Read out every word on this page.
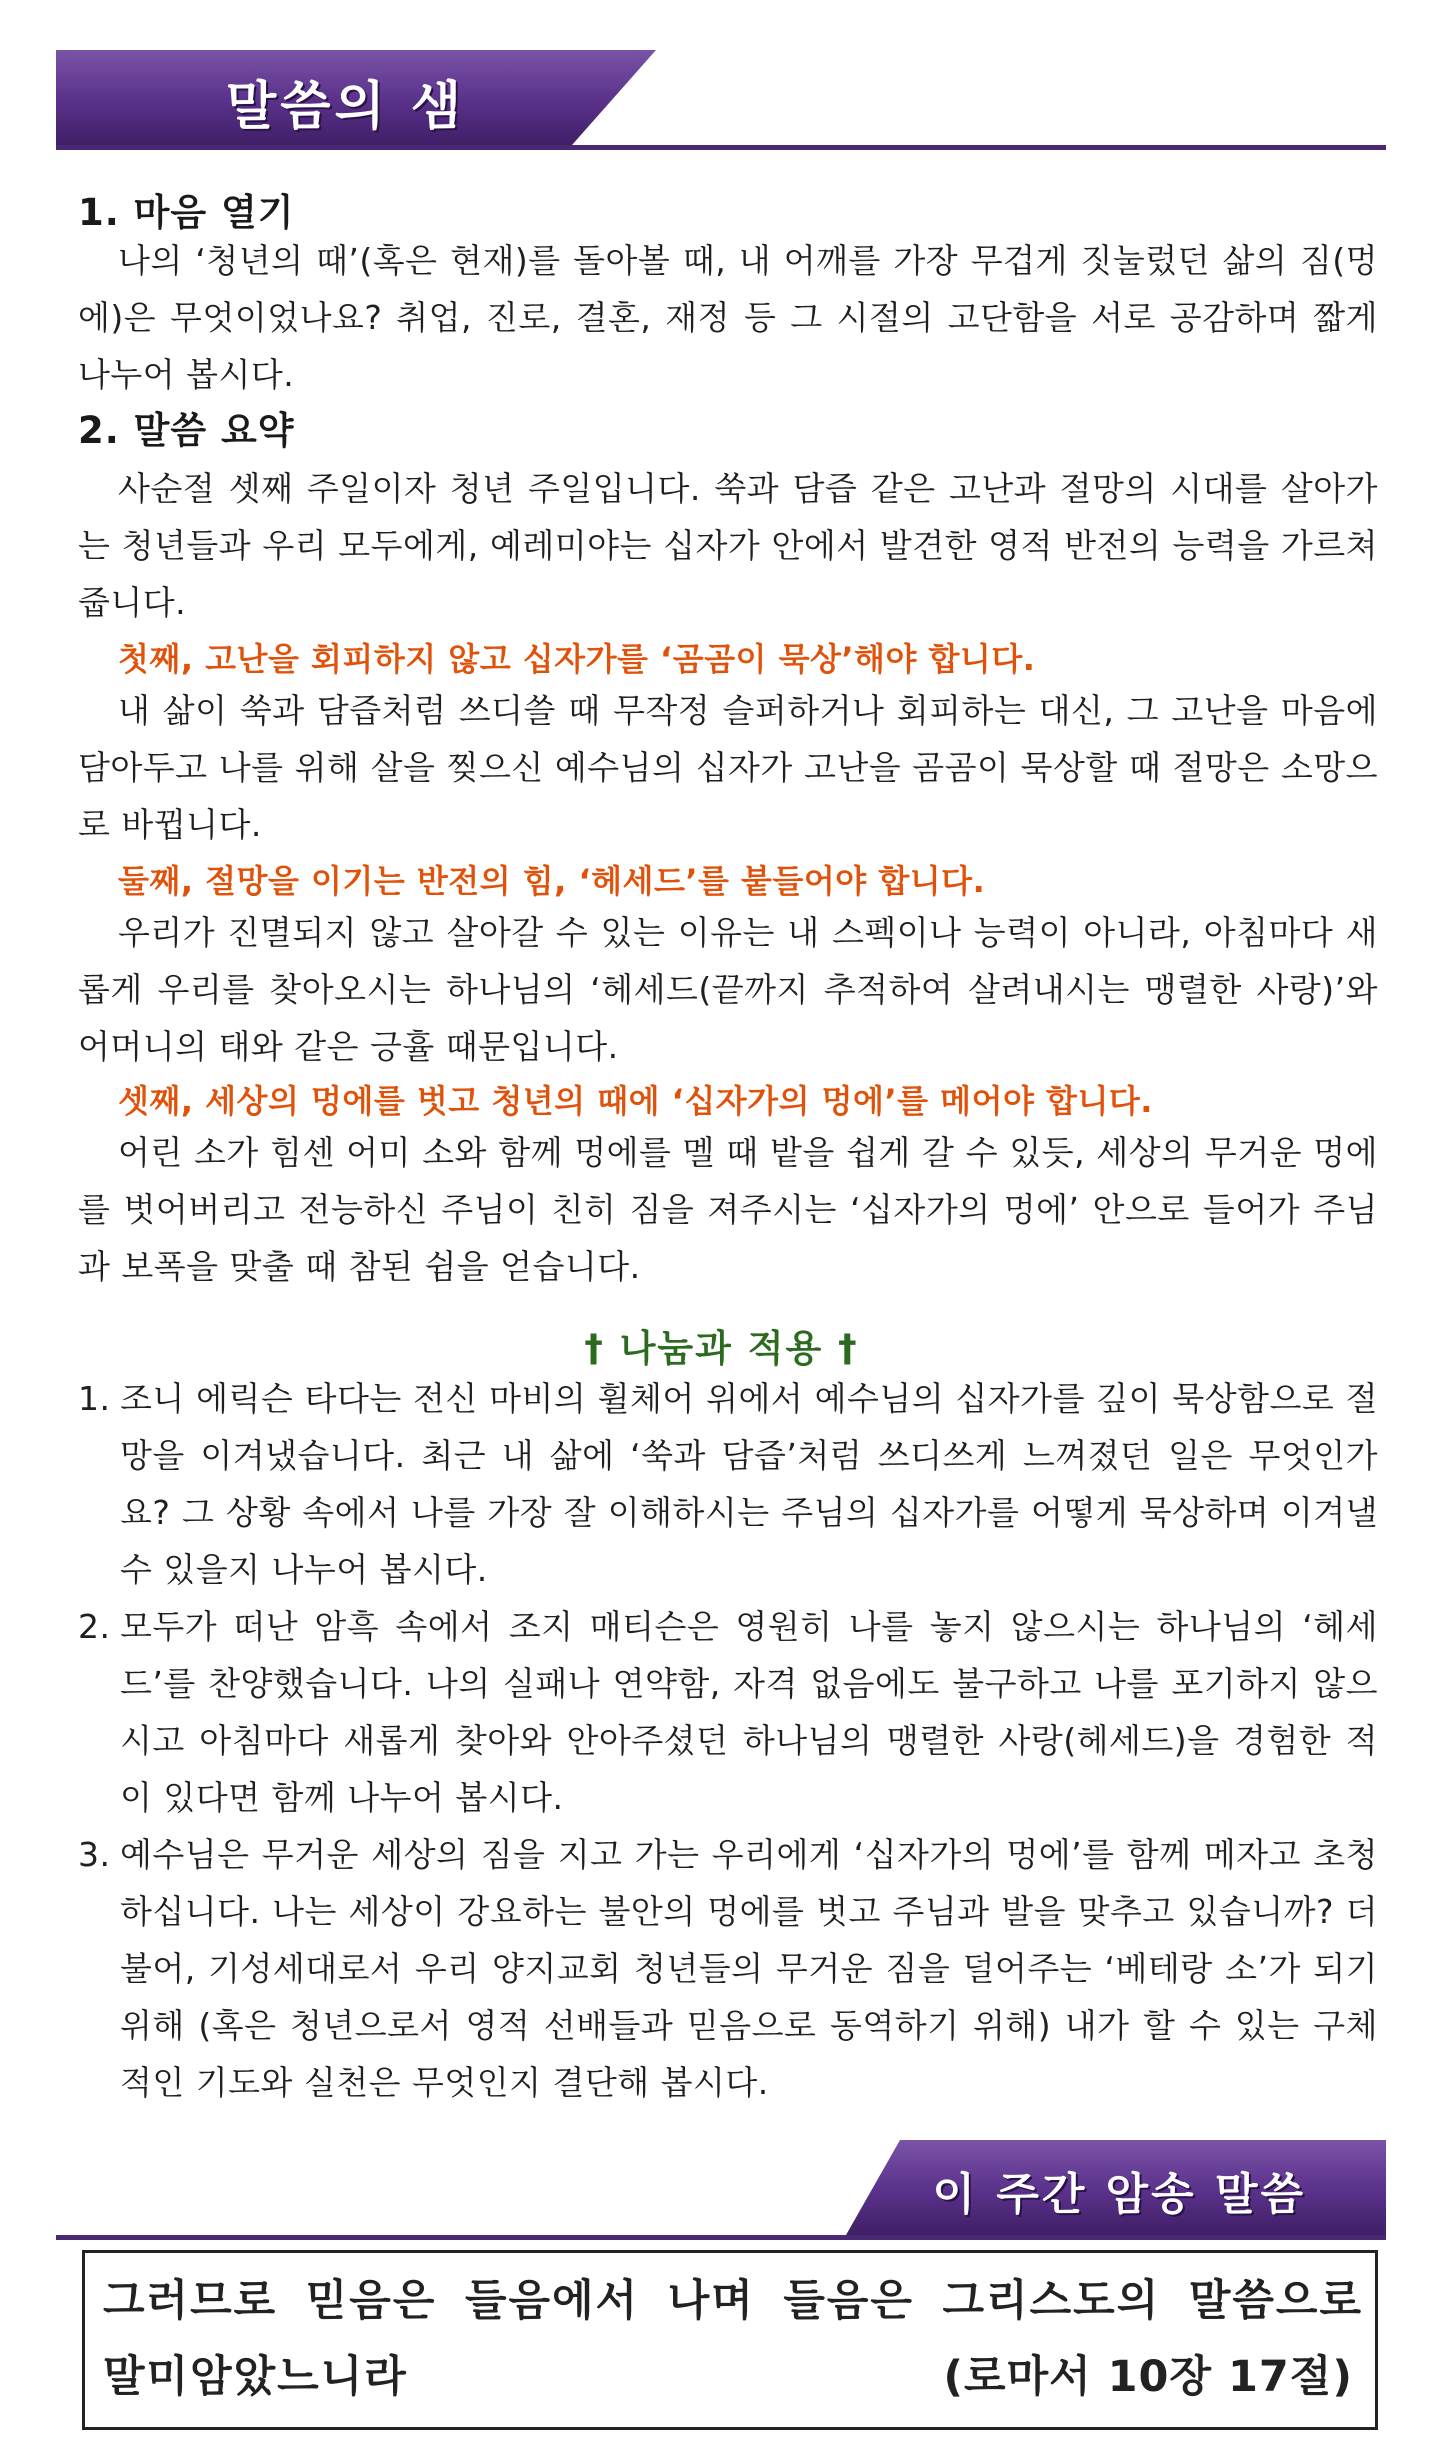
말씀의 샘
1. 마음 열기

나의 ‘청년의 때’(혹은 현재)를 돌아볼 때, 내 어깨를 가장 무겁게 짓눌렀던 삶의 짐(멍에)은 무엇이었나요? 취업, 진로, 결혼, 재정 등 그 시절의 고단함을 서로 공감하며 짧게 나누어 봅시다.

2. 말씀 요약

사순절 셋째 주일이자 청년 주일입니다. 쑥과 담즙 같은 고난과 절망의 시대를 살아가는 청년들과 우리 모두에게, 예레미야는 십자가 안에서 발견한 영적 반전의 능력을 가르쳐 줍니다.

첫째, 고난을 회피하지 않고 십자가를 ‘곰곰이 묵상’해야 합니다.

내 삶이 쑥과 담즙처럼 쓰디쓸 때 무작정 슬퍼하거나 회피하는 대신, 그 고난을 마음에 담아두고 나를 위해 살을 찢으신 예수님의 십자가 고난을 곰곰이 묵상할 때 절망은 소망으로 바뀝니다.

둘째, 절망을 이기는 반전의 힘, ‘헤세드’를 붙들어야 합니다.

우리가 진멸되지 않고 살아갈 수 있는 이유는 내 스펙이나 능력이 아니라, 아침마다 새롭게 우리를 찾아오시는 하나님의 ‘헤세드(끝까지 추적하여 살려내시는 맹렬한 사랑)’와 어머니의 태와 같은 긍휼 때문입니다.

셋째, 세상의 멍에를 벗고 청년의 때에 ‘십자가의 멍에’를 메어야 합니다.

어린 소가 힘센 어미 소와 함께 멍에를 멜 때 밭을 쉽게 갈 수 있듯, 세상의 무거운 멍에를 벗어버리고 전능하신 주님이 친히 짐을 져주시는 ‘십자가의 멍에’ 안으로 들어가 주님과 보폭을 맞출 때 참된 쉼을 얻습니다.

† 나눔과 적용 †
1. 조니 에릭슨 타다는 전신 마비의 휠체어 위에서 예수님의 십자가를 깊이 묵상함으로 절망을 이겨냈습니다. 최근 내 삶에 ‘쑥과 담즙’처럼 쓰디쓰게 느껴졌던 일은 무엇인가요? 그 상황 속에서 나를 가장 잘 이해하시는 주님의 십자가를 어떻게 묵상하며 이겨낼 수 있을지 나누어 봅시다.
2. 모두가 떠난 암흑 속에서 조지 매티슨은 영원히 나를 놓지 않으시는 하나님의 ‘헤세드’를 찬양했습니다. 나의 실패나 연약함, 자격 없음에도 불구하고 나를 포기하지 않으시고 아침마다 새롭게 찾아와 안아주셨던 하나님의 맹렬한 사랑(헤세드)을 경험한 적이 있다면 함께 나누어 봅시다.
3. 예수님은 무거운 세상의 짐을 지고 가는 우리에게 ‘십자가의 멍에’를 함께 메자고 초청하십니다. 나는 세상이 강요하는 불안의 멍에를 벗고 주님과 발을 맞추고 있습니까? 더불어, 기성세대로서 우리 양지교회 청년들의 무거운 짐을 덜어주는 ‘베테랑 소’가 되기 위해 (혹은 청년으로서 영적 선배들과 믿음으로 동역하기 위해) 내가 할 수 있는 구체적인 기도와 실천은 무엇인지 결단해 봅시다.
이 주간 암송 말씀
그러므로 믿음은 들음에서 나며 들음은 그리스도의 말씀으로
말미암았느니라	(로마서 10장 17절)
